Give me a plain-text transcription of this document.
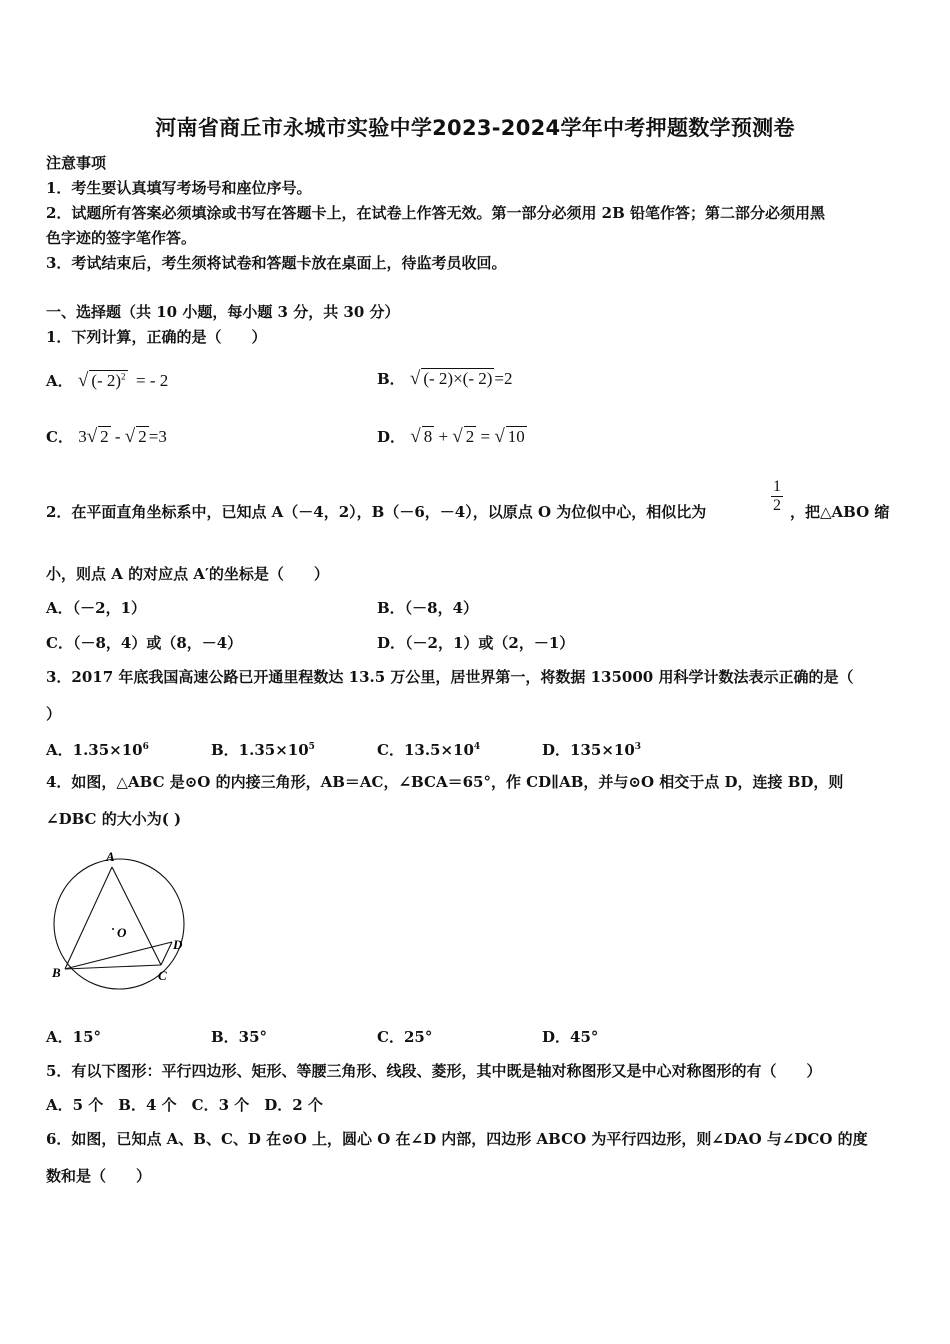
河南省商丘市永城市实验中学2023-2024学年中考押题数学预测卷
注意事项
1．考生要认真填写考场号和座位序号。
2．试题所有答案必须填涂或书写在答题卡上，在试卷上作答无效。第一部分必须用 2B 铅笔作答；第二部分必须用黑
色字迹的签字笔作答。
3．考试结束后，考生须将试卷和答题卡放在桌面上，待监考员收回。
一、选择题（共 10 小题，每小题 3 分，共 30 分）
1．下列计算，正确的是（　　）
A． √ (- 2)$^2$ = - 2	B． √ (- 2)×(- 2) =2
C． 3√ 2 - √ 2 =3	D． √ 8 + √ 2 = √ 10
2．在平面直角坐标系中，已知点 A（－4，2），B（－6，－4），以原点 O 为位似中心，相似比为	$\frac{1}{2}$ ，把△ABO 缩
小，则点 A 的对应点 A′的坐标是（　　）
A．（－2，1）	B．（－8，4）
C．（－8，4）或（8，－4）	D．（－2，1）或（2，－1）
3．2017 年底我国高速公路已开通里程数达 13.5 万公里，居世界第一，将数据 135000 用科学计数法表示正确的是（
）
A．$1.35\times 10^6$	B．$1.35\times 10^5$	C．$13.5\times 10^4$	D．$135\times 10^3$
4．如图，△ABC 是⊙O 的内接三角形，AB＝AC，∠BCA＝65°，作 CD∥AB，并与⊙O 相交于点 D，连接 BD，则
∠DBC 的大小为( )
A
B	C
D
O
A．15°	B．35°	C．25°	D．45°
5．有以下图形：平行四边形、矩形、等腰三角形、线段、菱形，其中既是轴对称图形又是中心对称图形的有（　　）
A．5 个　B．4 个　C．3 个　D．2 个
6．如图，已知点 A、B、C、D 在⊙O 上，圆心 O 在∠D 内部，四边形 ABCO 为平行四边形，则∠DAO 与∠DCO 的度
数和是（　　）
